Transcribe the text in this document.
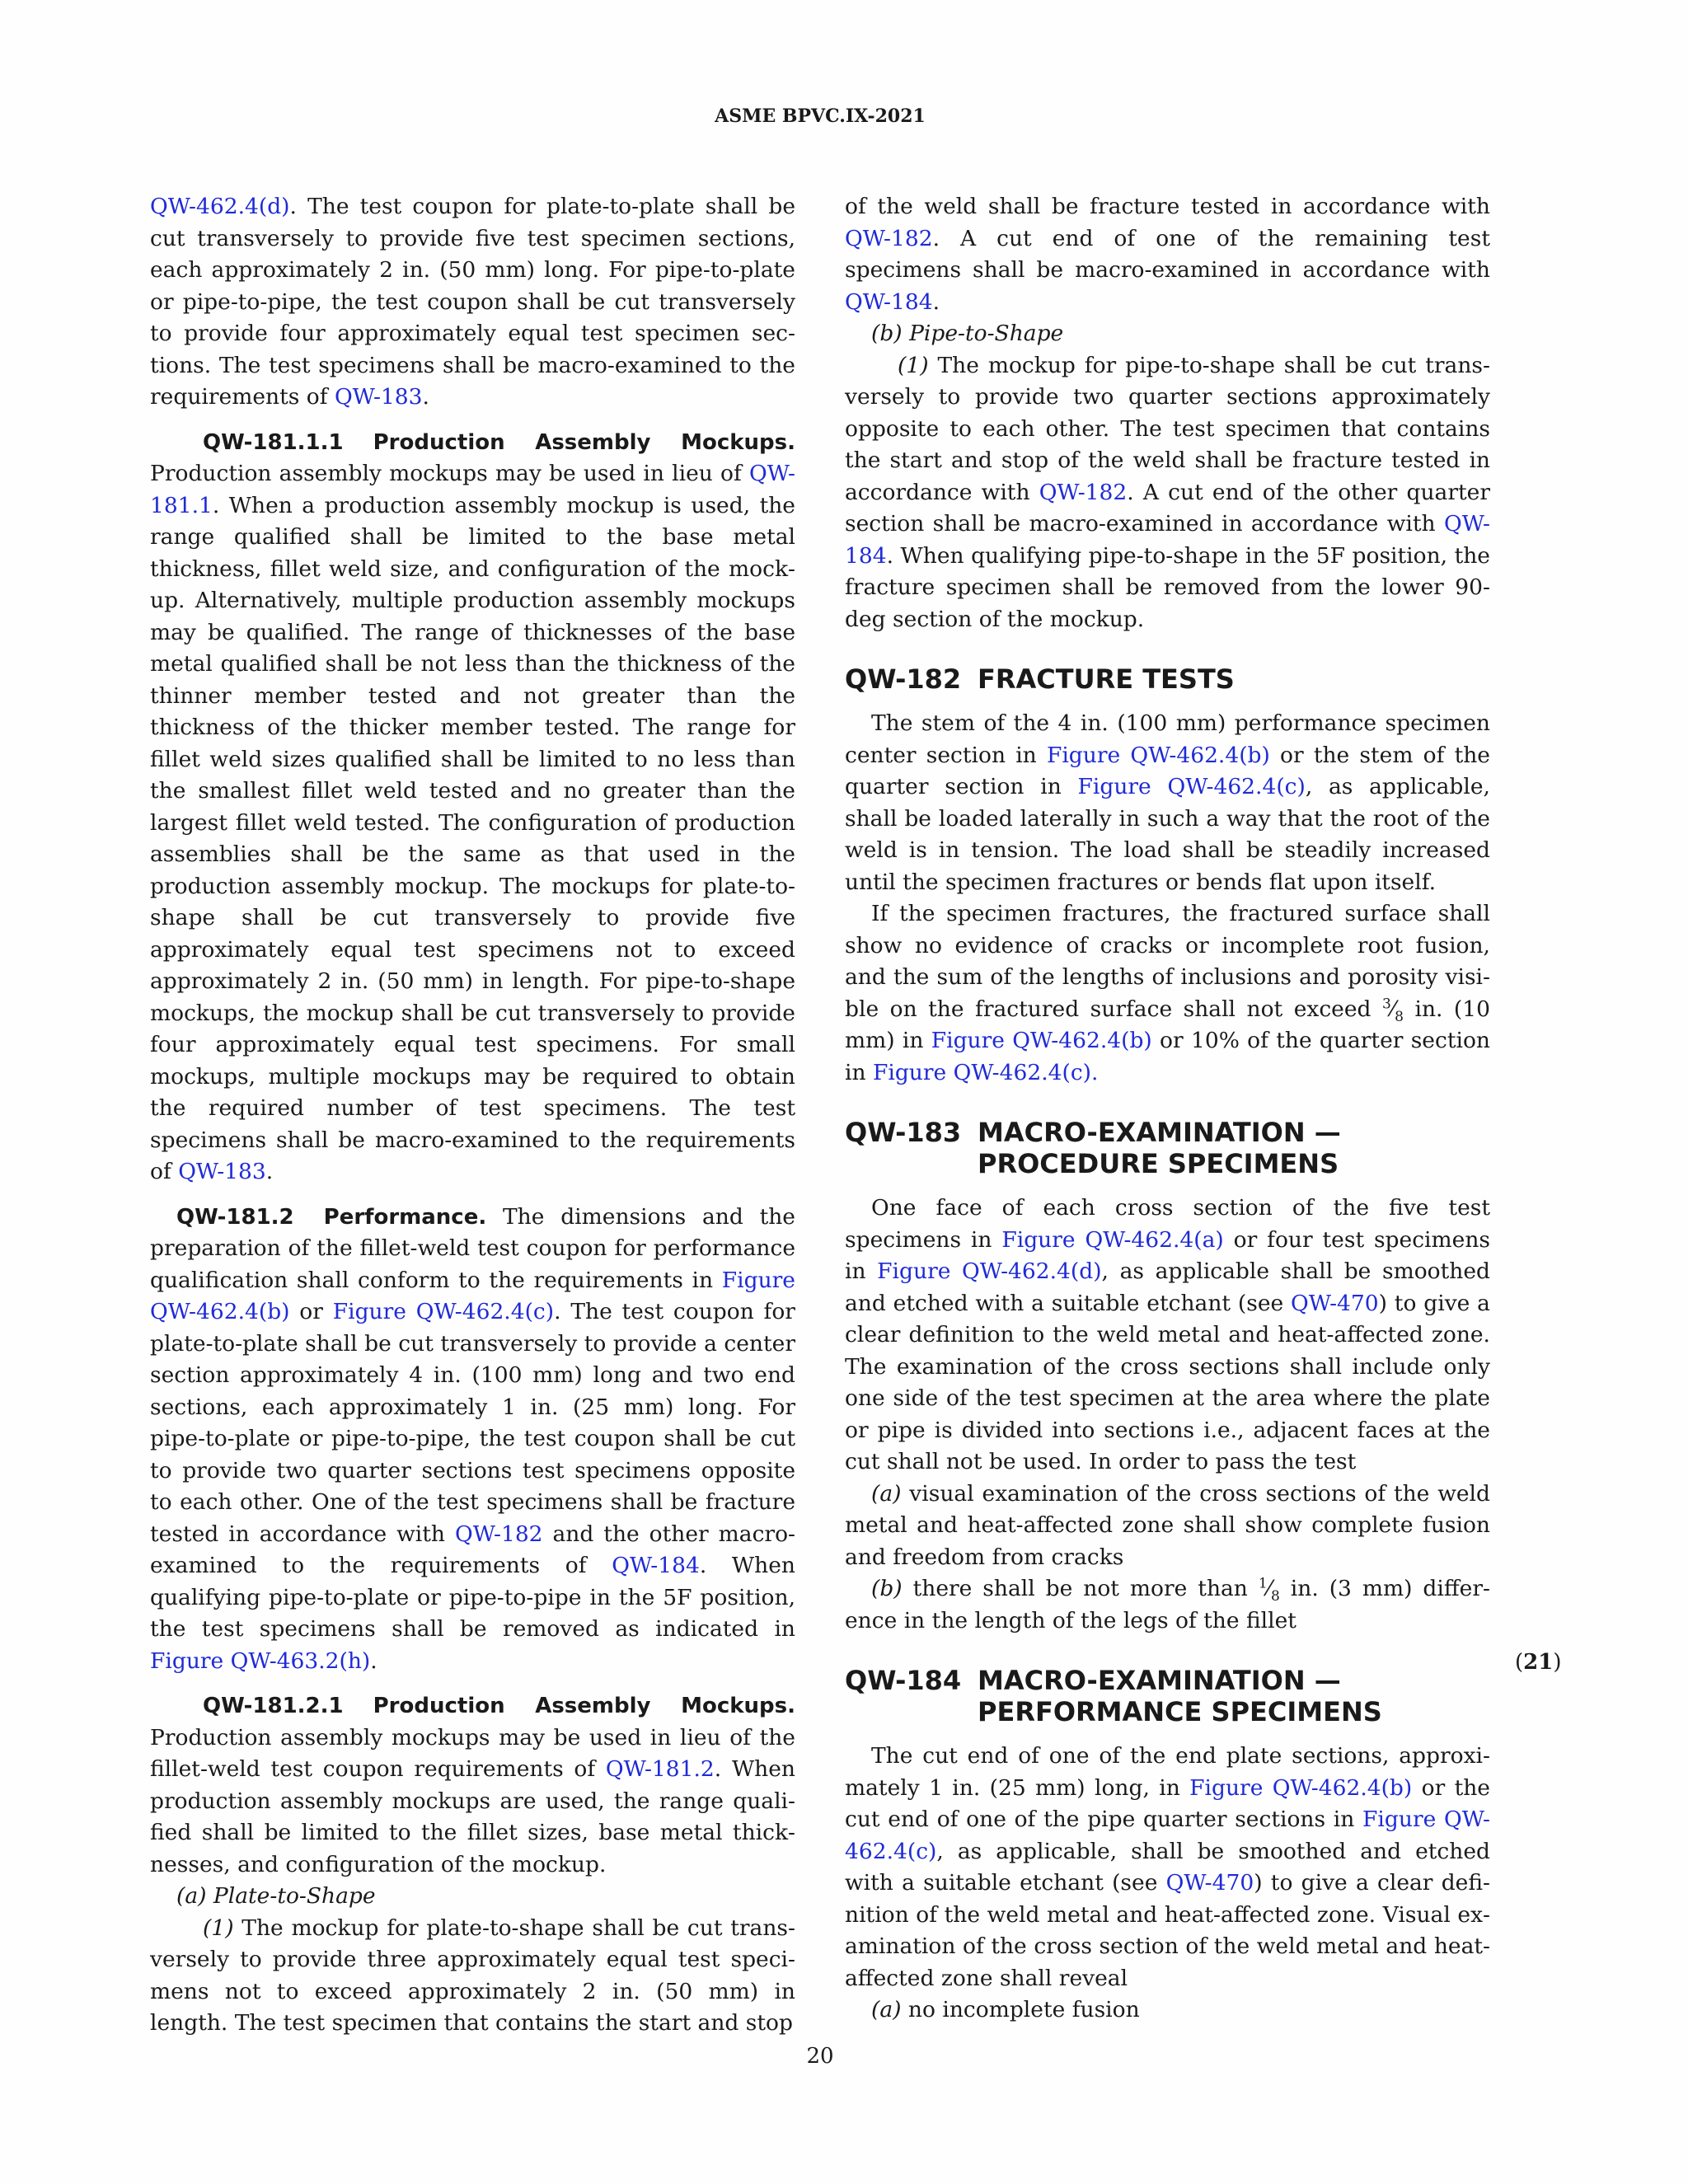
ASME BPVC.IX-2021

QW-462.4(d). The test coupon for plate-to-plate shall be cut transversely to provide five test specimen sections, each approximately 2 in. (50 mm) long. For pipe-to-plate or pipe-to-pipe, the test coupon shall be cut transversely to provide four approximately equal test specimen sections. The test specimens shall be macro-examined to the requirements of QW-183.

QW-181.1.1 Production Assembly Mockups. Production assembly mockups may be used in lieu of QW-181.1. When a production assembly mockup is used, the range qualified shall be limited to the base metal thickness, fillet weld size, and configuration of the mockup. Alternatively, multiple production assembly mockups may be qualified. The range of thicknesses of the base metal qualified shall be not less than the thickness of the thinner member tested and not greater than the thickness of the thicker member tested. The range for fillet weld sizes qualified shall be limited to no less than the smallest fillet weld tested and no greater than the largest fillet weld tested. The configuration of production assemblies shall be the same as that used in the production assembly mockup. The mockups for plate-to-shape shall be cut transversely to provide five approximately equal test specimens not to exceed approximately 2 in. (50 mm) in length. For pipe-to-shape mockups, the mockup shall be cut transversely to provide four approximately equal test specimens. For small mockups, multiple mockups may be required to obtain the required number of test specimens. The test specimens shall be macro-examined to the requirements of QW-183.

QW-181.2 Performance. The dimensions and the preparation of the fillet-weld test coupon for performance qualification shall conform to the requirements in Figure QW-462.4(b) or Figure QW-462.4(c). The test coupon for plate-to-plate shall be cut transversely to provide a center section approximately 4 in. (100 mm) long and two end sections, each approximately 1 in. (25 mm) long. For pipe-to-plate or pipe-to-pipe, the test coupon shall be cut to provide two quarter sections test specimens opposite to each other. One of the test specimens shall be fracture tested in accordance with QW-182 and the other macro-examined to the requirements of QW-184. When qualifying pipe-to-plate or pipe-to-pipe in the 5F position, the test specimens shall be removed as indicated in Figure QW-463.2(h).

QW-181.2.1 Production Assembly Mockups. Production assembly mockups may be used in lieu of the fillet-weld test coupon requirements of QW-181.2. When production assembly mockups are used, the range qualified shall be limited to the fillet sizes, base metal thicknesses, and configuration of the mockup.

(a) Plate-to-Shape

(1) The mockup for plate-to-shape shall be cut transversely to provide three approximately equal test specimens not to exceed approximately 2 in. (50 mm) in length. The test specimen that contains the start and stop

of the weld shall be fracture tested in accordance with QW-182. A cut end of one of the remaining test specimens shall be macro-examined in accordance with QW-184.

(b) Pipe-to-Shape

(1) The mockup for pipe-to-shape shall be cut transversely to provide two quarter sections approximately opposite to each other. The test specimen that contains the start and stop of the weld shall be fracture tested in accordance with QW-182. A cut end of the other quarter section shall be macro-examined in accordance with QW-184. When qualifying pipe-to-shape in the 5F position, the fracture specimen shall be removed from the lower 90-deg section of the mockup.

QW-182 FRACTURE TESTS

The stem of the 4 in. (100 mm) performance specimen center section in Figure QW-462.4(b) or the stem of the quarter section in Figure QW-462.4(c), as applicable, shall be loaded laterally in such a way that the root of the weld is in tension. The load shall be steadily increased until the specimen fractures or bends flat upon itself.

If the specimen fractures, the fractured surface shall show no evidence of cracks or incomplete root fusion, and the sum of the lengths of inclusions and porosity visible on the fractured surface shall not exceed $^3⁄_8$ in. (10 mm) in Figure QW-462.4(b) or 10% of the quarter section in Figure QW-462.4(c).

QW-183 MACRO-EXAMINATION — PROCEDURE SPECIMENS

One face of each cross section of the five test specimens in Figure QW-462.4(a) or four test specimens in Figure QW-462.4(d), as applicable shall be smoothed and etched with a suitable etchant (see QW-470) to give a clear definition to the weld metal and heat-affected zone. The examination of the cross sections shall include only one side of the test specimen at the area where the plate or pipe is divided into sections i.e., adjacent faces at the cut shall not be used. In order to pass the test

(a) visual examination of the cross sections of the weld metal and heat-affected zone shall show complete fusion and freedom from cracks

(b) there shall be not more than $^1⁄_8$ in. (3 mm) difference in the length of the legs of the fillet

QW-184 MACRO-EXAMINATION — PERFORMANCE SPECIMENS

The cut end of one of the end plate sections, approximately 1 in. (25 mm) long, in Figure QW-462.4(b) or the cut end of one of the pipe quarter sections in Figure QW-462.4(c), as applicable, shall be smoothed and etched with a suitable etchant (see QW-470) to give a clear definition of the weld metal and heat-affected zone. Visual examination of the cross section of the weld metal and heat-affected zone shall reveal

(a) no incomplete fusion

(21)
20
